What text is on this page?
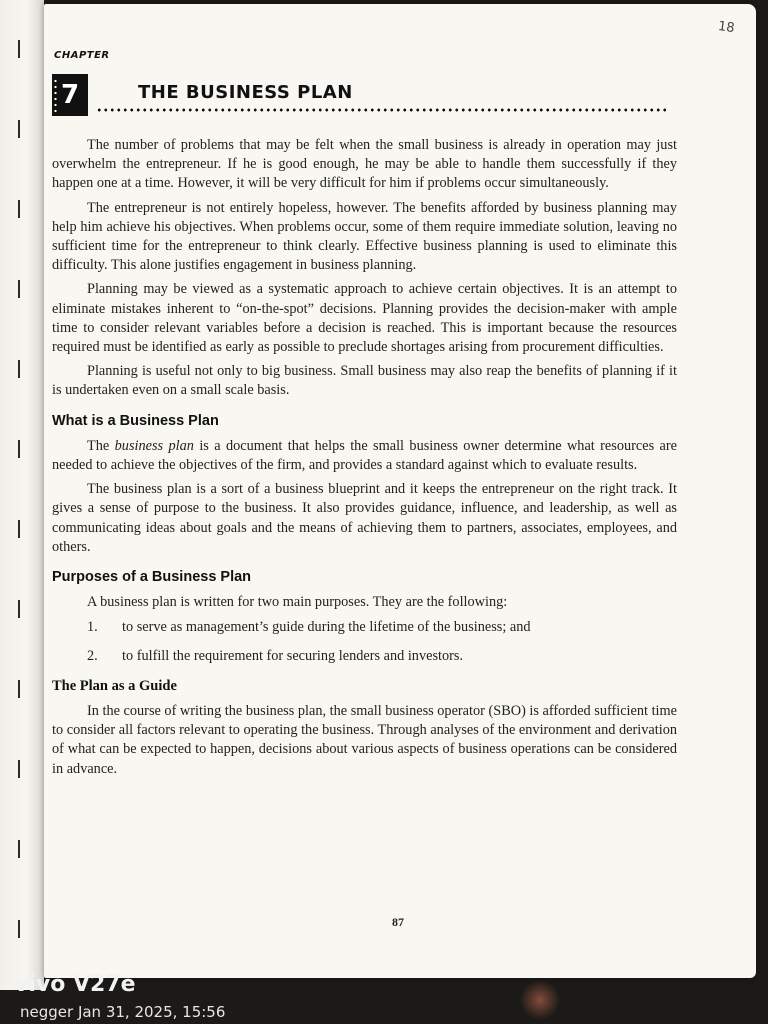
18
CHAPTER
7	THE BUSINESS PLAN

The number of problems that may be felt when the small business is already in operation may just overwhelm the entrepreneur. If he is good enough, he may be able to handle them successfully if they happen one at a time. However, it will be very difficult for him if problems occur simultaneously.

The entrepreneur is not entirely hopeless, however. The benefits afforded by business planning may help him achieve his objectives. When problems occur, some of them require immediate solution, leaving no sufficient time for the entrepreneur to think clearly. Effective business planning is used to eliminate this difficulty. This alone justifies engagement in business planning.

Planning may be viewed as a systematic approach to achieve certain objectives. It is an attempt to eliminate mistakes inherent to “on-the-spot” decisions. Planning provides the decision-maker with ample time to consider relevant variables before a decision is reached. This is important because the resources required must be identified as early as possible to preclude shortages arising from procurement difficulties.

Planning is useful not only to big business. Small business may also reap the benefits of planning if it is undertaken even on a small scale basis.

What is a Business Plan

The business plan is a document that helps the small business owner determine what resources are needed to achieve the objectives of the firm, and provides a standard against which to evaluate results.

The business plan is a sort of a business blueprint and it keeps the entrepreneur on the right track. It gives a sense of purpose to the business. It also provides guidance, influence, and leadership, as well as communicating ideas about goals and the means of achieving them to partners, associates, employees, and others.

Purposes of a Business Plan

A business plan is written for two main purposes. They are the following:

1.	to serve as management’s guide during the lifetime of the business; and
2.	to fulfill the requirement for securing lenders and investors.
The Plan as a Guide

In the course of writing the business plan, the small business operator (SBO) is afforded sufficient time to consider all factors relevant to operating the business. Through analyses of the environment and derivation of what can be expected to happen, decisions about various aspects of business operations can be considered in advance.

87
vivo V27e
negger Jan 31, 2025, 15:56
